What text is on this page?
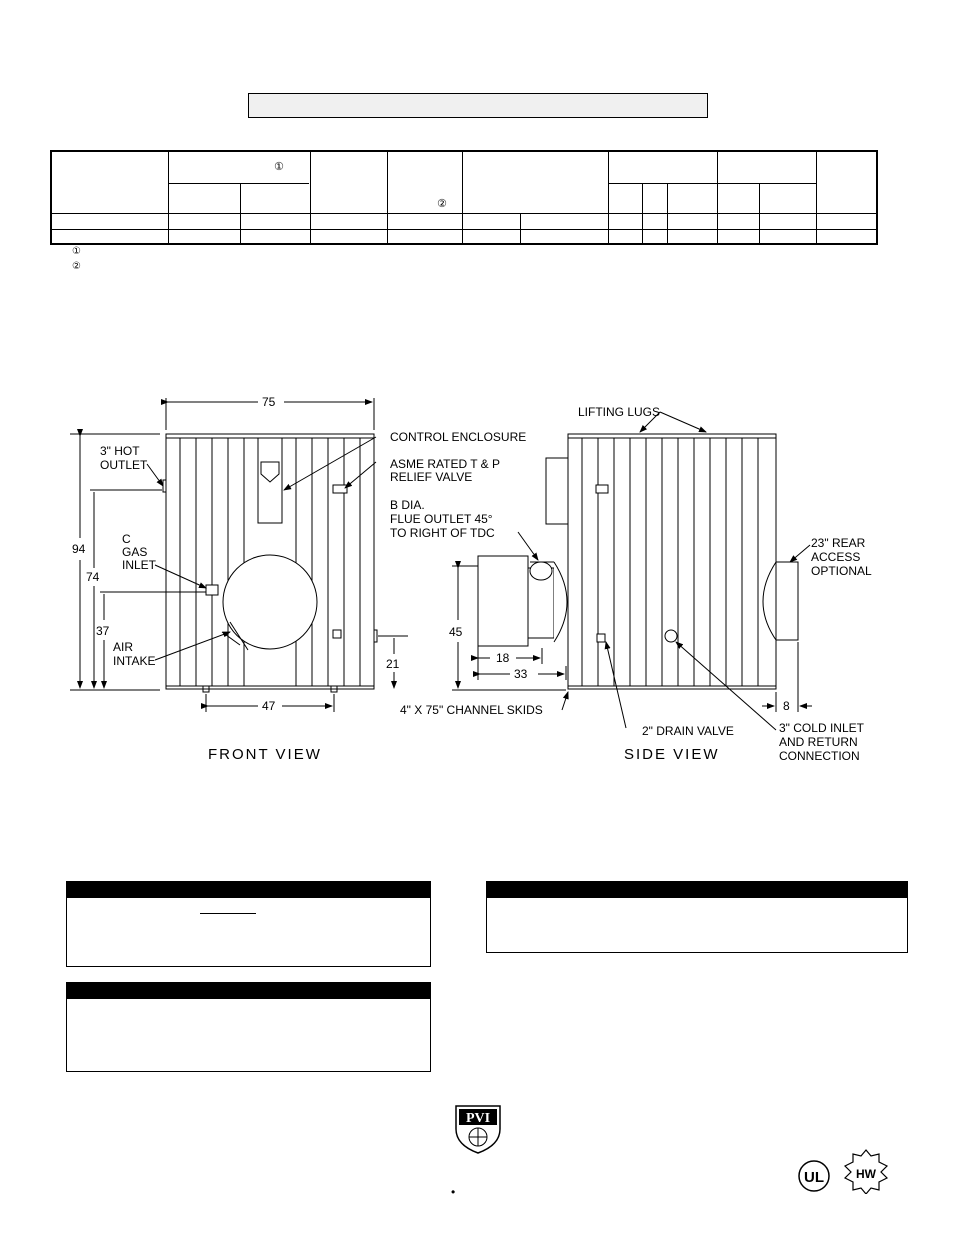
①
②
①
②
75
94
74
37
21
47
45
18
33
8
3" HOT
OUTLET
C
GAS
INLET
AIR
INTAKE
CONTROL ENCLOSURE
ASME RATED T & P
RELIEF VALVE
B DIA.
FLUE OUTLET 45°
TO RIGHT OF TDC
4" X 75" CHANNEL SKIDS
LIFTING LUGS
23" REAR
ACCESS
OPTIONAL
2" DRAIN VALVE	3" COLD INLET
AND RETURN
CONNECTION
FRONT VIEW	SIDE VIEW
PVI
UL	HW
•
